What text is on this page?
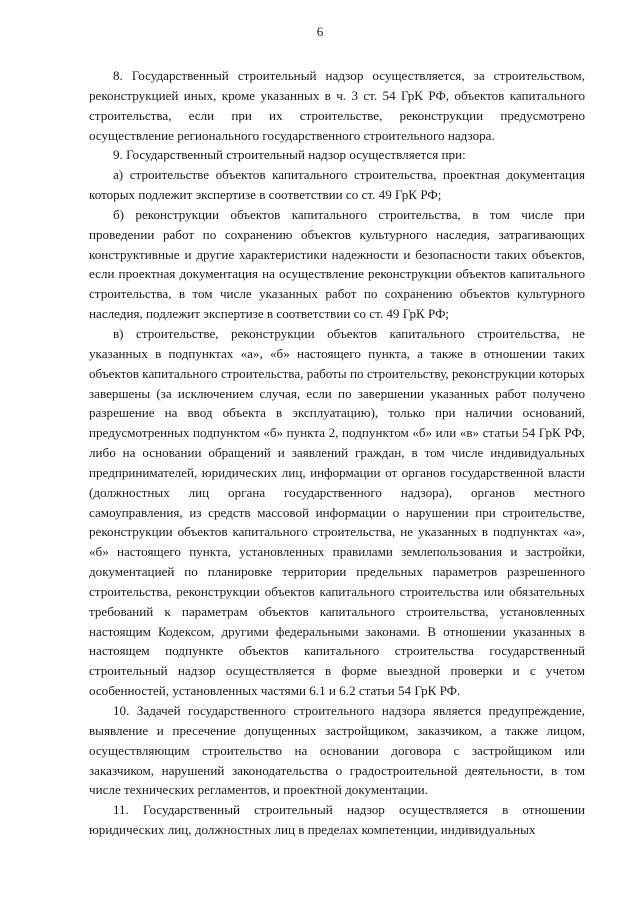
6

8. Государственный строительный надзор осуществляется, за строительством, реконструкцией иных, кроме указанных в ч. 3 ст. 54 ГрК РФ, объектов капитального строительства, если при их строительстве, реконструкции предусмотрено осуществление регионального государственного строительного надзора.

9. Государственный строительный надзор осуществляется при:

а) строительстве объектов капитального строительства, проектная документация которых подлежит экспертизе в соответствии со ст. 49 ГрК РФ;

б) реконструкции объектов капитального строительства, в том числе при проведении работ по сохранению объектов культурного наследия, затрагивающих конструктивные и другие характеристики надежности и безопасности таких объектов, если проектная документация на осуществление реконструкции объектов капитального строительства, в том числе указанных работ по сохранению объектов культурного наследия, подлежит экспертизе в соответствии со ст. 49 ГрК РФ;

в) строительстве, реконструкции объектов капитального строительства, не указанных в подпунктах «а», «б» настоящего пункта, а также в отношении таких объектов капитального строительства, работы по строительству, реконструкции которых завершены (за исключением случая, если по завершении указанных работ получено разрешение на ввод объекта в эксплуатацию), только при наличии оснований, предусмотренных подпунктом «б» пункта 2, подпунктом «б» или «в» статьи 54 ГрК РФ, либо на основании обращений и заявлений граждан, в том числе индивидуальных предпринимателей, юридических лиц, информации от органов государственной власти (должностных лиц органа государственного надзора), органов местного самоуправления, из средств массовой информации о нарушении при строительстве, реконструкции объектов капитального строительства, не указанных в подпунктах «а», «б» настоящего пункта, установленных правилами землепользования и застройки, документацией по планировке территории предельных параметров разрешенного строительства, реконструкции объектов капитального строительства или обязательных требований к параметрам объектов капитального строительства, установленных настоящим Кодексом, другими федеральными законами. В отношении указанных в настоящем подпункте объектов капитального строительства государственный строительный надзор осуществляется в форме выездной проверки и с учетом особенностей, установленных частями 6.1 и 6.2 статьи 54 ГрК РФ.

10. Задачей государственного строительного надзора является предупреждение, выявление и пресечение допущенных застройщиком, заказчиком, а также лицом, осуществляющим строительство на основании договора с застройщиком или заказчиком, нарушений законодательства о градостроительной деятельности, в том числе технических регламентов, и проектной документации.

11. Государственный строительный надзор осуществляется в отношении юридических лиц, должностных лиц в пределах компетенции, индивидуальных
